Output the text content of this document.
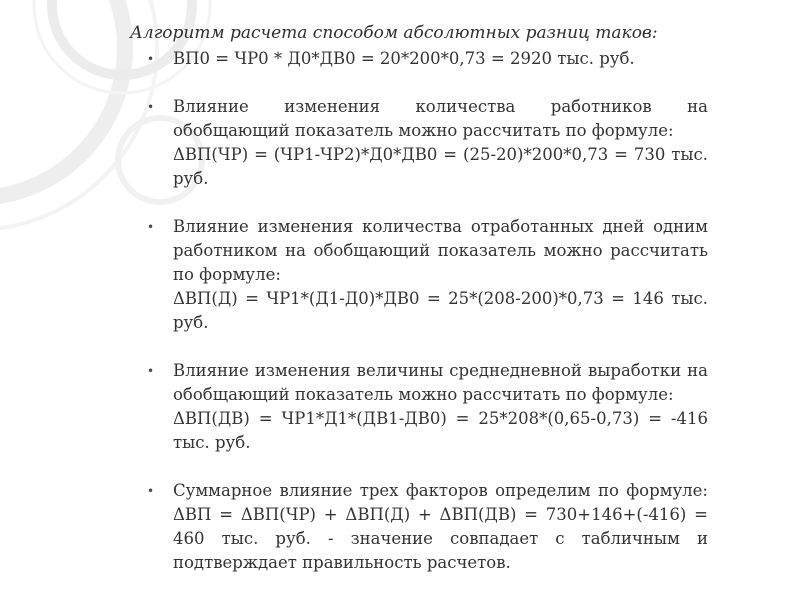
Алгоритм расчета способом абсолютных разниц таков:
• ВП0 = ЧР0 * Д0*ДВ0 = 20*200*0,73 = 2920 тыс. руб.
• Влияние изменения количества работников на обобщающий показатель можно рассчитать по формуле:
ΔВП(ЧР) = (ЧР1-ЧР2)*Д0*ДВ0 = (25-20)*200*0,73 = 730 тыс. руб.
• Влияние изменения количества отработанных дней одним работником на обобщающий показатель можно рассчитать по формуле:
ΔВП(Д) = ЧР1*(Д1-Д0)*ДВ0 = 25*(208-200)*0,73 = 146 тыс. руб.
• Влияние изменения величины среднедневной выработки на обобщающий показатель можно рассчитать по формуле:
ΔВП(ДВ) = ЧР1*Д1*(ДВ1-ДВ0) = 25*208*(0,65-0,73) = -416 тыс. руб.
• Суммарное влияние трех факторов определим по формуле: ΔВП = ΔВП(ЧР) + ΔВП(Д) + ΔВП(ДВ) = 730+146+(-416) = 460 тыс. руб. - значение совпадает с табличным и подтверждает правильность расчетов.
